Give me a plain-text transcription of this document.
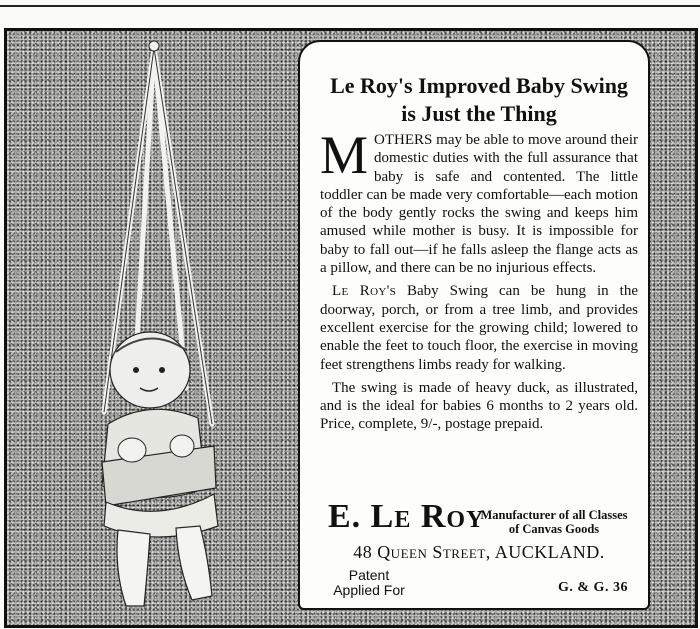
Le Roy's Improved Baby Swing
is Just the Thing

MOTHERS may be able to move around their domestic duties with the full assurance that baby is safe and contented. The little toddler can be made very comfortable—each motion of the body gently rocks the swing and keeps him amused while mother is busy. It is impossible for baby to fall out—if he falls asleep the flange acts as a pillow, and there can be no injurious effects.

Le Roy's Baby Swing can be hung in the doorway, porch, or from a tree limb, and provides excellent exercise for the growing child; lowered to enable the feet to touch floor, the exercise in moving feet strengthens limbs ready for walking.

The swing is made of heavy duck, as illustrated, and is the ideal for babies 6 months to 2 years old. Price, complete, 9/-, postage prepaid.

E. Le Roy
Manufacturer of all Classes
of Canvas Goods
48 Queen Street, AUCKLAND.
Patent
Applied For	G. & G. 36
